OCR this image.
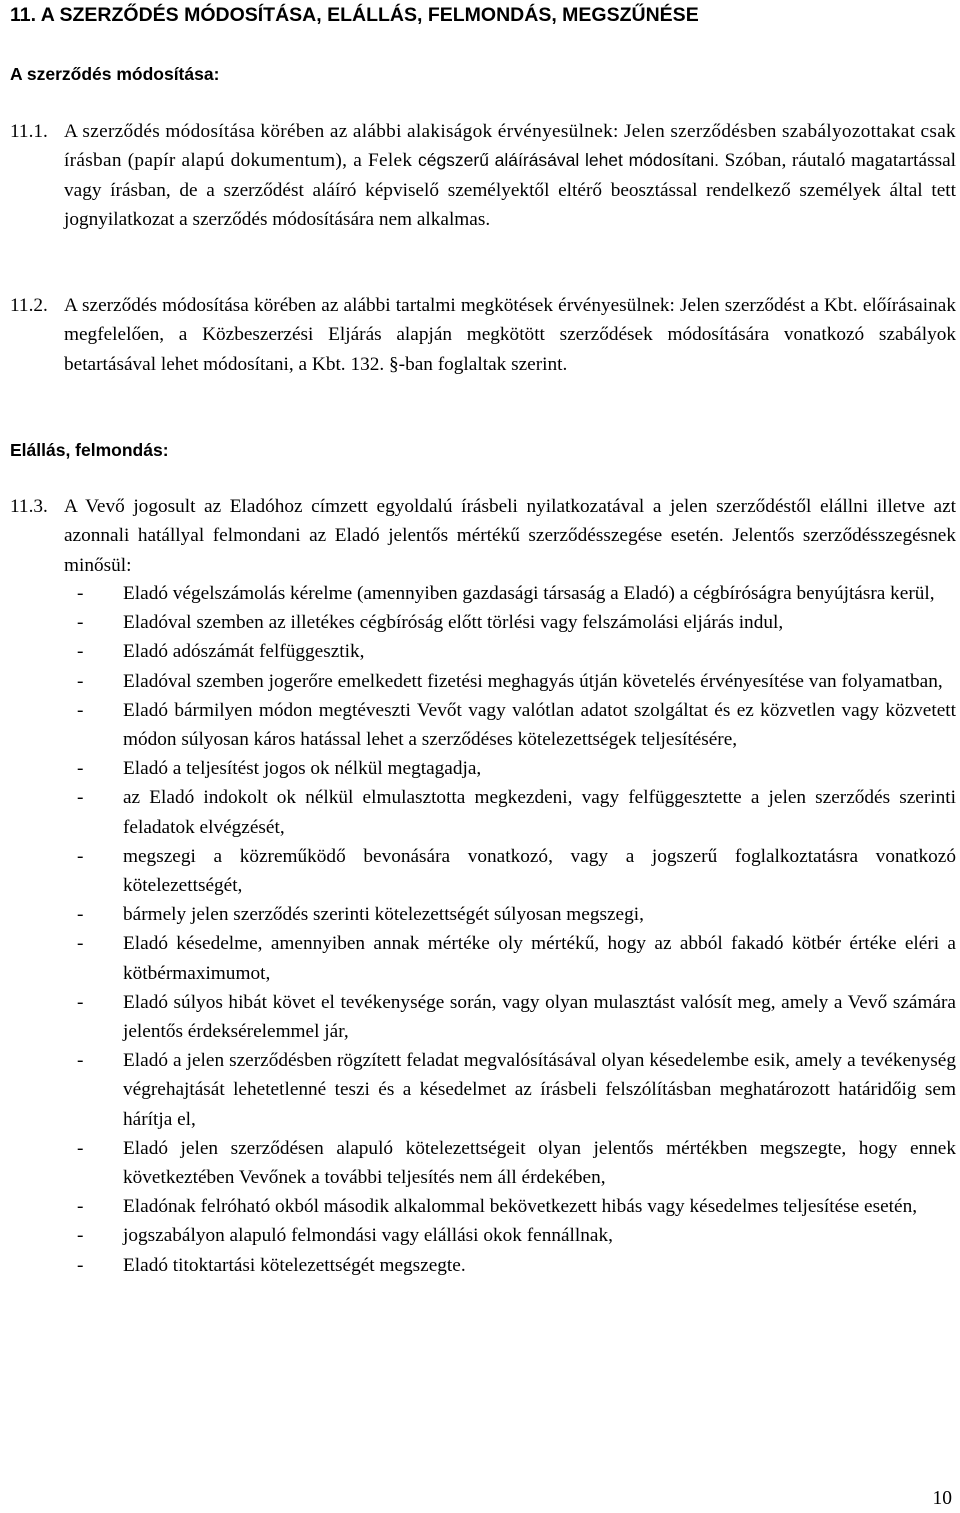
11. A SZERZŐDÉS MÓDOSÍTÁSA, ELÁLLÁS, FELMONDÁS, MEGSZŰNÉSE
A szerződés módosítása:
11.1. A szerződés módosítása körében az alábbi alakiságok érvényesülnek: Jelen szerződésben szabályozottakat csak írásban (papír alapú dokumentum), a Felek cégszerű aláírásával lehet módosítani. Szóban, ráutaló magatartással vagy írásban, de a szerződést aláíró képviselő személyektől eltérő beosztással rendelkező személyek által tett jognyilatkozat a szerződés módosítására nem alkalmas.
11.2. A szerződés módosítása körében az alábbi tartalmi megkötések érvényesülnek: Jelen szerződést a Kbt. előírásainak megfelelően, a Közbeszerzési Eljárás alapján megkötött szerződések módosítására vonatkozó szabályok betartásával lehet módosítani, a Kbt. 132. §-ban foglaltak szerint.
Elállás, felmondás:
11.3. A Vevő jogosult az Eladóhoz címzett egyoldalú írásbeli nyilatkozatával a jelen szerződéstől elállni illetve azt azonnali hatállyal felmondani az Eladó jelentős mértékű szerződésszegése esetén. Jelentős szerződésszegésnek minősül:
- Eladó végelszámolás kérelme (amennyiben gazdasági társaság a Eladó) a cégbíróságra benyújtásra kerül,
- Eladóval szemben az illetékes cégbíróság előtt törlési vagy felszámolási eljárás indul,
- Eladó adószámát felfüggesztik,
- Eladóval szemben jogerőre emelkedett fizetési meghagyás útján követelés érvényesítése van folyamatban,
- Eladó bármilyen módon megtéveszti Vevőt vagy valótlan adatot szolgáltat és ez közvetlen vagy közvetett módon súlyosan káros hatással lehet a szerződéses kötelezettségek teljesítésére,
- Eladó a teljesítést jogos ok nélkül megtagadja,
- az Eladó indokolt ok nélkül elmulasztotta megkezdeni, vagy felfüggesztette a jelen szerződés szerinti feladatok elvégzését,
- megszegi a közreműködő bevonására vonatkozó, vagy a jogszerű foglalkoztatásra vonatkozó kötelezettségét,
- bármely jelen szerződés szerinti kötelezettségét súlyosan megszegi,
- Eladó késedelme, amennyiben annak mértéke oly mértékű, hogy az abból fakadó kötbér értéke eléri a kötbérmaximumot,
- Eladó súlyos hibát követ el tevékenysége során, vagy olyan mulasztást valósít meg, amely a Vevő számára jelentős érdeksérelemmel jár,
- Eladó a jelen szerződésben rögzített feladat megvalósításával olyan késedelembe esik, amely a tevékenység végrehajtását lehetetlenné teszi és a késedelmet az írásbeli felszólításban meghatározott határidőig sem hárítja el,
- Eladó jelen szerződésen alapuló kötelezettségeit olyan jelentős mértékben megszegte, hogy ennek következtében Vevőnek a további teljesítés nem áll érdekében,
- Eladónak felróható okból második alkalommal bekövetkezett hibás vagy késedelmes teljesítése esetén,
- jogszabályon alapuló felmondási vagy elállási okok fennállnak,
- Eladó titoktartási kötelezettségét megszegte.
10
